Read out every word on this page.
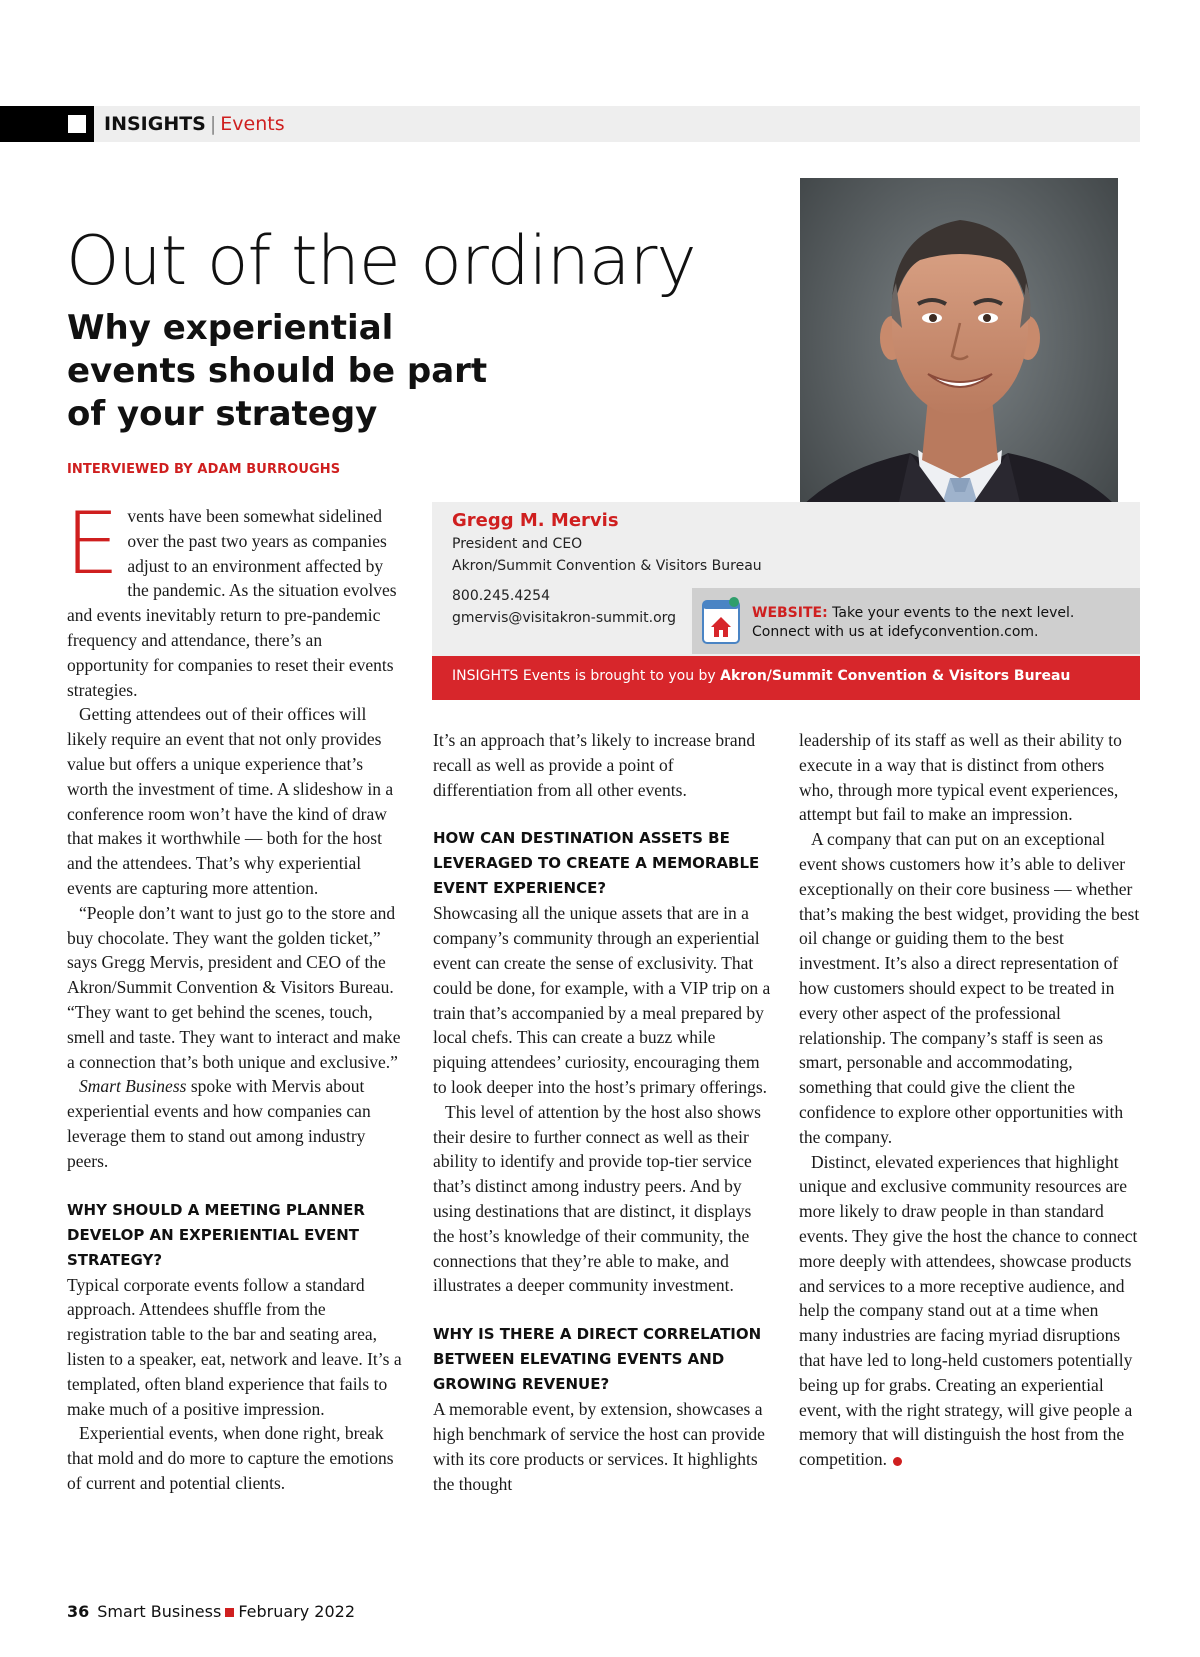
INSIGHTS | Events
Out of the ordinary
Why experiential events should be part of your strategy
INTERVIEWED BY ADAM BURROUGHS
Gregg M. Mervis
President and CEO
Akron/Summit Convention & Visitors Bureau
800.245.4254
gmervis@visitakron-summit.org	WEBSITE: Take your events to the next level.
Connect with us at idefyconvention.com.
INSIGHTS Events is brought to you by Akron/Summit Convention & Visitors Bureau

Events have been somewhat sidelined over the past two years as companies adjust to an environment affected by the pandemic. As the situation evolves and events inevitably return to pre-pandemic frequency and attendance, there’s an opportunity for companies to reset their events strategies.

Getting attendees out of their offices will likely require an event that not only provides value but offers a unique experience that’s worth the investment of time. A slideshow in a conference room won’t have the kind of draw that makes it worthwhile — both for the host and the attendees. That’s why experiential events are capturing more attention.

“People don’t want to just go to the store and buy chocolate. They want the golden ticket,” says Gregg Mervis, president and CEO of the Akron/Summit Convention & Visitors Bureau. “They want to get behind the scenes, touch, smell and taste. They want to interact and make a connection that’s both unique and exclusive.”

Smart Business spoke with Mervis about experiential events and how companies can leverage them to stand out among industry peers.

WHY SHOULD A MEETING PLANNER DEVELOP AN EXPERIENTIAL EVENT STRATEGY?

Typical corporate events follow a standard approach. Attendees shuffle from the registration table to the bar and seating area, listen to a speaker, eat, network and leave. It’s a templated, often bland experience that fails to make much of a positive impression.

Experiential events, when done right, break that mold and do more to capture the emotions of current and potential clients.

It’s an approach that’s likely to increase brand recall as well as provide a point of differentiation from all other events.

HOW CAN DESTINATION ASSETS BE LEVERAGED TO CREATE A MEMORABLE EVENT EXPERIENCE?

Showcasing all the unique assets that are in a company’s community through an experiential event can create the sense of exclusivity. That could be done, for example, with a VIP trip on a train that’s accompanied by a meal prepared by local chefs. This can create a buzz while piquing attendees’ curiosity, encouraging them to look deeper into the host’s primary offerings.

This level of attention by the host also shows their desire to further connect as well as their ability to identify and provide top-tier service that’s distinct among industry peers. And by using destinations that are distinct, it displays the host’s knowledge of their community, the connections that they’re able to make, and illustrates a deeper community investment.

WHY IS THERE A DIRECT CORRELATION BETWEEN ELEVATING EVENTS AND GROWING REVENUE?

A memorable event, by extension, showcases a high benchmark of service the host can provide with its core products or services. It highlights the thought

leadership of its staff as well as their ability to execute in a way that is distinct from others who, through more typical event experiences, attempt but fail to make an impression.

A company that can put on an exceptional event shows customers how it’s able to deliver exceptionally on their core business — whether that’s making the best widget, providing the best oil change or guiding them to the best investment. It’s also a direct representation of how customers should expect to be treated in every other aspect of the professional relationship. The company’s staff is seen as smart, personable and accommodating, something that could give the client the confidence to explore other opportunities with the company.

Distinct, elevated experiences that highlight unique and exclusive community resources are more likely to draw people in than standard events. They give the host the chance to connect more deeply with attendees, showcase products and services to a more receptive audience, and help the company stand out at a time when many industries are facing myriad disruptions that have led to long-held customers potentially being up for grabs. Creating an experiential event, with the right strategy, will give people a memory that will distinguish the host from the competition.

36 Smart Business February 2022
